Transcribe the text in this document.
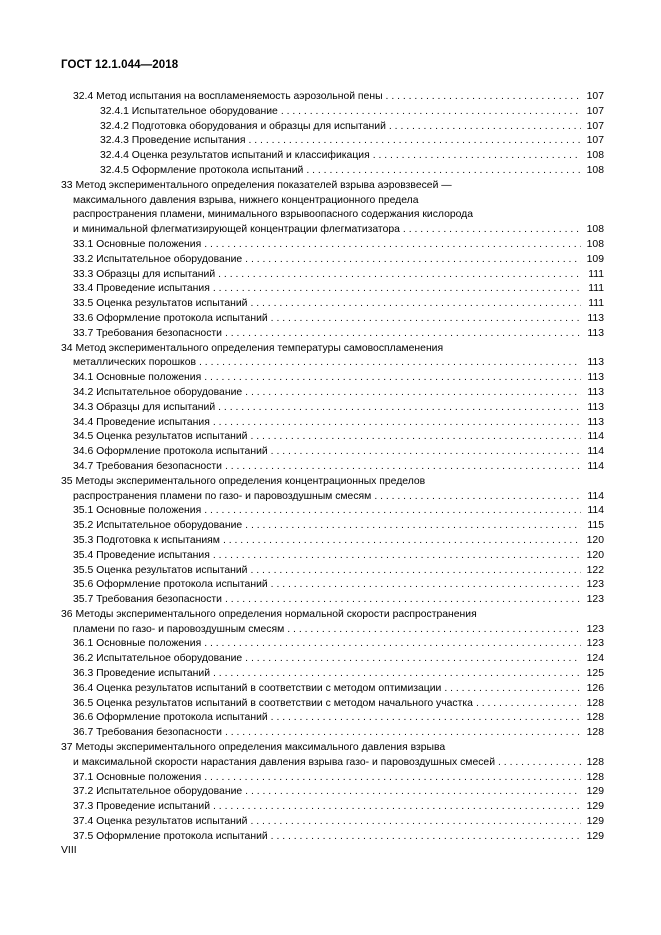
ГОСТ 12.1.044—2018
32.4 Метод испытания на воспламеняемость аэрозольной пены . . .	107
32.4.1 Испытательное оборудование . . .	107
32.4.2 Подготовка оборудования и образцы для испытаний . . .	107
32.4.3 Проведение испытания . . .	107
32.4.4 Оценка результатов испытаний и классификация . . .	108
32.4.5 Оформление протокола испытаний . . .	108
33 Метод экспериментального определения показателей взрыва аэровзвесей —
максимального давления взрыва, нижнего концентрационного предела
распространения пламени, минимального взрывоопасного содержания кислорода
и минимальной флегматизирующей концентрации флегматизатора . . .	108
33.1 Основные положения . . .	108
33.2 Испытательное оборудование . . .	109
33.3 Образцы для испытаний . . .	111
33.4 Проведение испытания . . .	111
33.5 Оценка результатов испытаний . . .	111
33.6 Оформление протокола испытаний . . .	113
33.7 Требования безопасности . . .	113
34 Метод экспериментального определения температуры самовоспламенения
металлических порошков . . .	113
34.1 Основные положения . . .	113
34.2 Испытательное оборудование . . .	113
34.3 Образцы для испытаний . . .	113
34.4 Проведение испытания . . .	113
34.5 Оценка результатов испытаний . . .	114
34.6 Оформление протокола испытаний . . .	114
34.7 Требования безопасности . . .	114
35 Методы экспериментального определения концентрационных пределов
распространения пламени по газо- и паровоздушным смесям . . .	114
35.1 Основные положения . . .	114
35.2 Испытательное оборудование . . .	115
35.3 Подготовка к испытаниям . . .	120
35.4 Проведение испытания . . .	120
35.5 Оценка результатов испытаний . . .	122
35.6 Оформление протокола испытаний . . .	123
35.7 Требования безопасности . . .	123
36 Методы экспериментального определения нормальной скорости распространения
пламени по газо- и паровоздушным смесям . . .	123
36.1 Основные положения . . .	123
36.2 Испытательное оборудование . . .	124
36.3 Проведение испытаний . . .	125
36.4 Оценка результатов испытаний в соответствии с методом оптимизации . . .	126
36.5 Оценка результатов испытаний в соответствии с методом начального участка . . .	128
36.6 Оформление протокола испытаний . . .	128
36.7 Требования безопасности . . .	128
37 Методы экспериментального определения максимального давления взрыва
и максимальной скорости нарастания давления взрыва газо- и паровоздушных смесей . . .	128
37.1 Основные положения . . .	128
37.2 Испытательное оборудование . . .	129
37.3 Проведение испытаний . . .	129
37.4 Оценка результатов испытаний . . .	129
37.5 Оформление протокола испытаний . . .	129
VIII
